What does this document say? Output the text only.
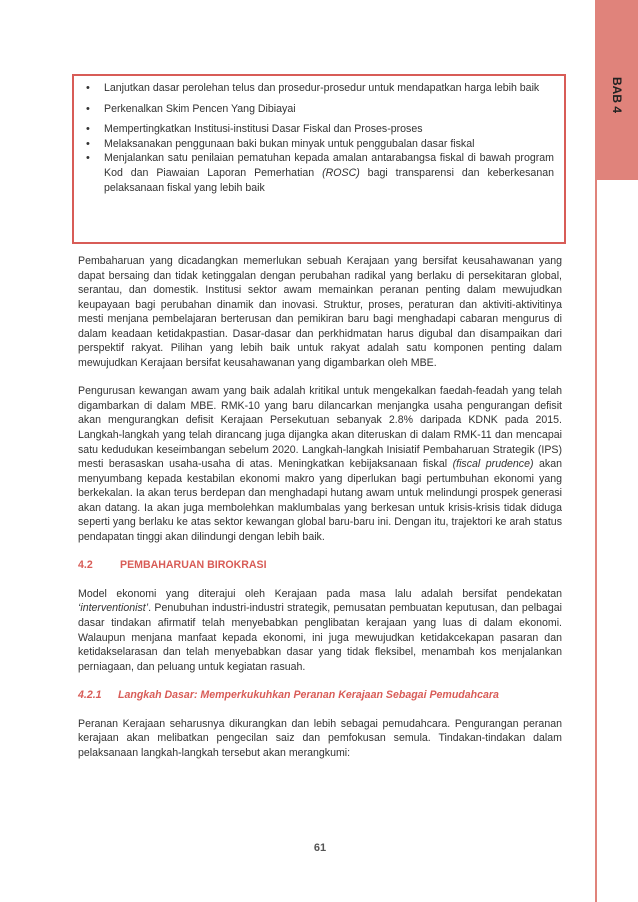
BAB 4
• Lanjutkan dasar perolehan telus dan prosedur-prosedur untuk mendapatkan harga lebih baik
• Perkenalkan Skim Pencen Yang Dibiayai
• Mempertingkatkan Institusi-institusi Dasar Fiskal dan Proses-proses
• Melaksanakan penggunaan baki bukan minyak untuk penggubalan dasar fiskal
• Menjalankan satu penilaian pematuhan kepada amalan antarabangsa fiskal di bawah program Kod dan Piawaian Laporan Pemerhatian (ROSC) bagi transparensi dan keberkesanan pelaksanaan fiskal yang lebih baik

Pembaharuan yang dicadangkan memerlukan sebuah Kerajaan yang bersifat keusahawanan yang dapat bersaing dan tidak ketinggalan dengan perubahan radikal yang berlaku di persekitaran global, serantau, dan domestik. Institusi sektor awam memainkan peranan penting dalam mewujudkan keupayaan bagi perubahan dinamik dan inovasi. Struktur, proses, peraturan dan aktiviti-aktivitinya mesti menjana pembelajaran berterusan dan pemikiran baru bagi menghadapi cabaran mengurus di dalam keadaan ketidakpastian. Dasar-dasar dan perkhidmatan harus digubal dan disampaikan dari perspektif rakyat. Pilihan yang lebih baik untuk rakyat adalah satu komponen penting dalam mewujudkan Kerajaan bersifat keusahawanan yang digambarkan oleh MBE.

Pengurusan kewangan awam yang baik adalah kritikal untuk mengekalkan faedah-feadah yang telah digambarkan di dalam MBE. RMK-10 yang baru dilancarkan menjangka usaha pengurangan defisit akan mengurangkan defisit Kerajaan Persekutuan sebanyak 2.8% daripada KDNK pada 2015. Langkah-langkah yang telah dirancang juga dijangka akan diteruskan di dalam RMK-11 dan mencapai satu kedudukan keseimbangan sebelum 2020. Langkah-langkah Inisiatif Pembaharuan Strategik (IPS) mesti berasaskan usaha-usaha di atas. Meningkatkan kebijaksanaan fiskal (fiscal prudence) akan menyumbang kepada kestabilan ekonomi makro yang diperlukan bagi pertumbuhan ekonomi yang berkekalan. Ia akan terus berdepan dan menghadapi hutang awam untuk melindungi prospek generasi akan datang. Ia akan juga membolehkan maklumbalas yang berkesan untuk krisis-krisis tidak diduga seperti yang berlaku ke atas sektor kewangan global baru-baru ini. Dengan itu, trajektori ke arah status pendapatan tinggi akan dilindungi dengan lebih baik.

4.2	PEMBAHARUAN BIROKRASI

Model ekonomi yang diterajui oleh Kerajaan pada masa lalu adalah bersifat pendekatan ‘interventionist’. Penubuhan industri-industri strategik, pemusatan pembuatan keputusan, dan pelbagai dasar tindakan afirmatif telah menyebabkan penglibatan kerajaan yang luas di dalam ekonomi. Walaupun menjana manfaat kepada ekonomi, ini juga mewujudkan ketidakcekapan pasaran dan ketidakselarasan dan telah menyebabkan dasar yang tidak fleksibel, menambah kos menjalankan perniagaan, dan peluang untuk kegiatan rasuah.

4.2.1 Langkah Dasar: Memperkukuhkan Peranan Kerajaan Sebagai Pemudahcara

Peranan Kerajaan seharusnya dikurangkan dan lebih sebagai pemudahcara. Pengurangan peranan kerajaan akan melibatkan pengecilan saiz dan pemfokusan semula. Tindakan-tindakan dalam pelaksanaan langkah-langkah tersebut akan merangkumi:

61
